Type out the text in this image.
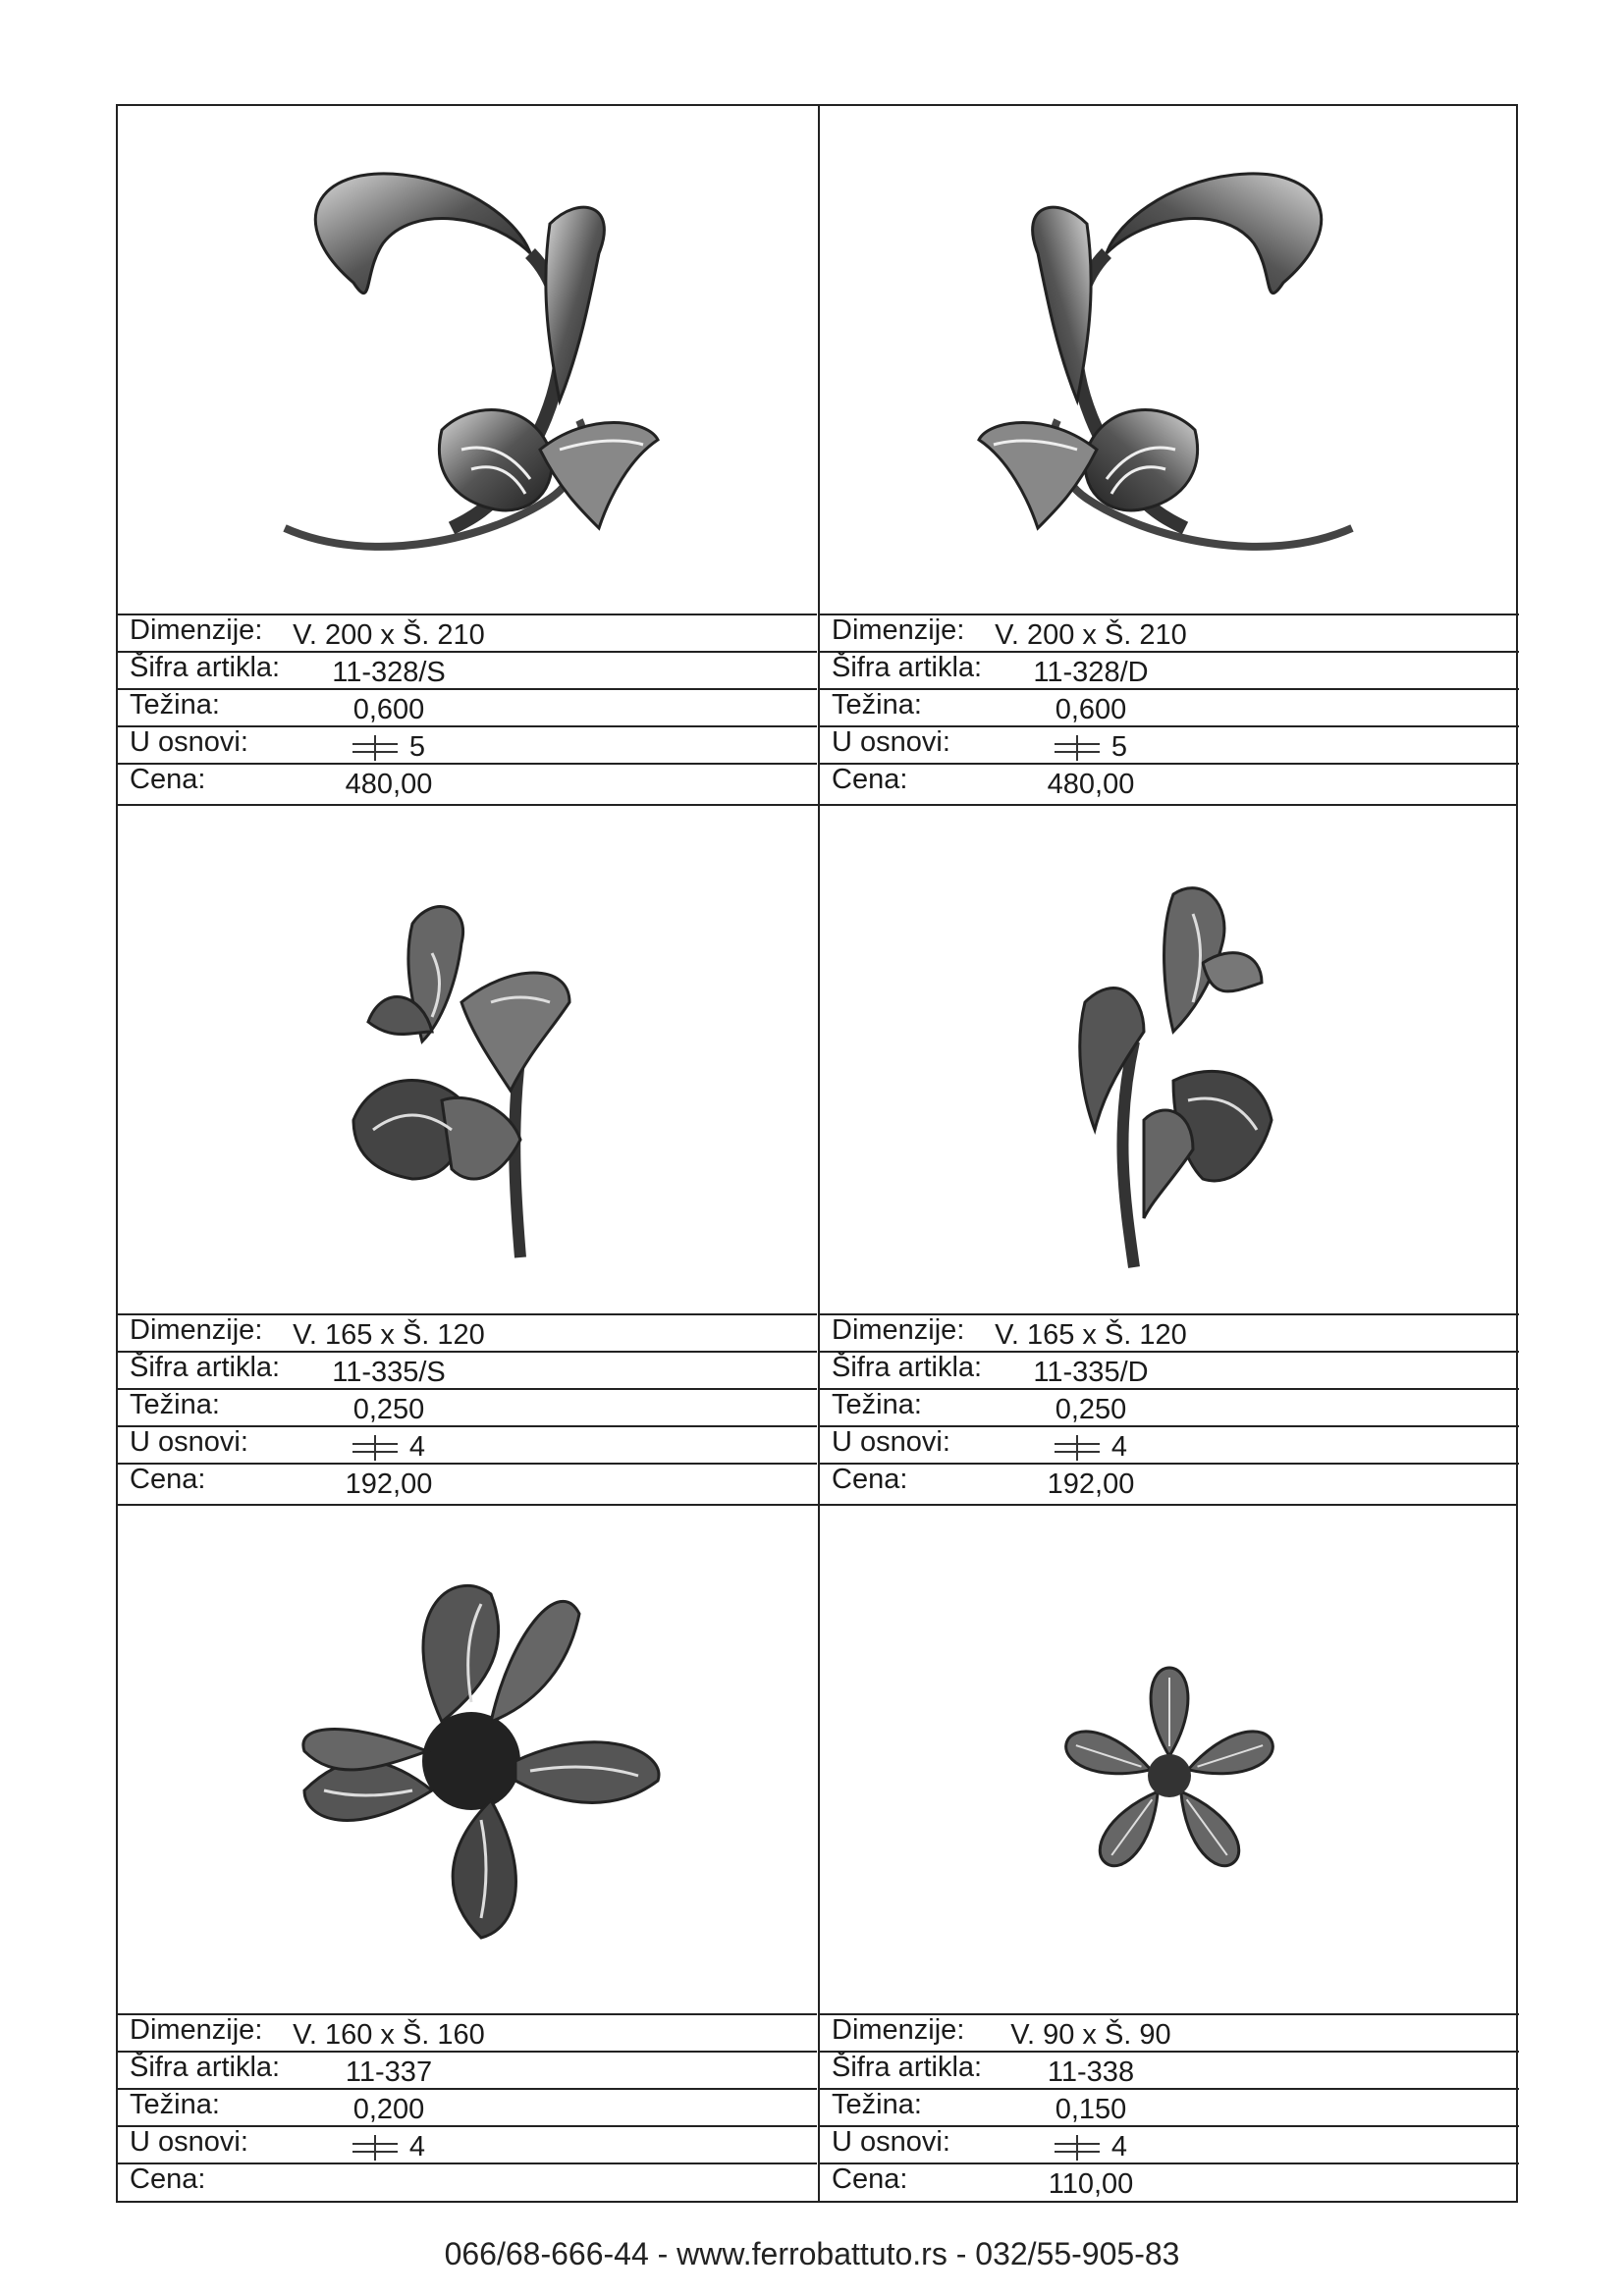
Dimenzije:	V. 200 x Š. 210
Šifra artikla:	11-328/S
Težina:	0,600
U osnovi:	5
Cena:	480,00
Dimenzije:	V. 200 x Š. 210
Šifra artikla:	11-328/D
Težina:	0,600
U osnovi:	5
Cena:	480,00
Dimenzije:	V. 165 x Š. 120
Šifra artikla:	11-335/S
Težina:	0,250
U osnovi:	4
Cena:	192,00
Dimenzije:	V. 165 x Š. 120
Šifra artikla:	11-335/D
Težina:	0,250
U osnovi:	4
Cena:	192,00
Dimenzije:	V. 160 x Š. 160
Šifra artikla:	11-337
Težina:	0,200
U osnovi:	4
Cena:
Dimenzije:	V. 90 x Š. 90
Šifra artikla:	11-338
Težina:	0,150
U osnovi:	4
Cena:	110,00
066/68-666-44 - www.ferrobattuto.rs - 032/55-905-83
